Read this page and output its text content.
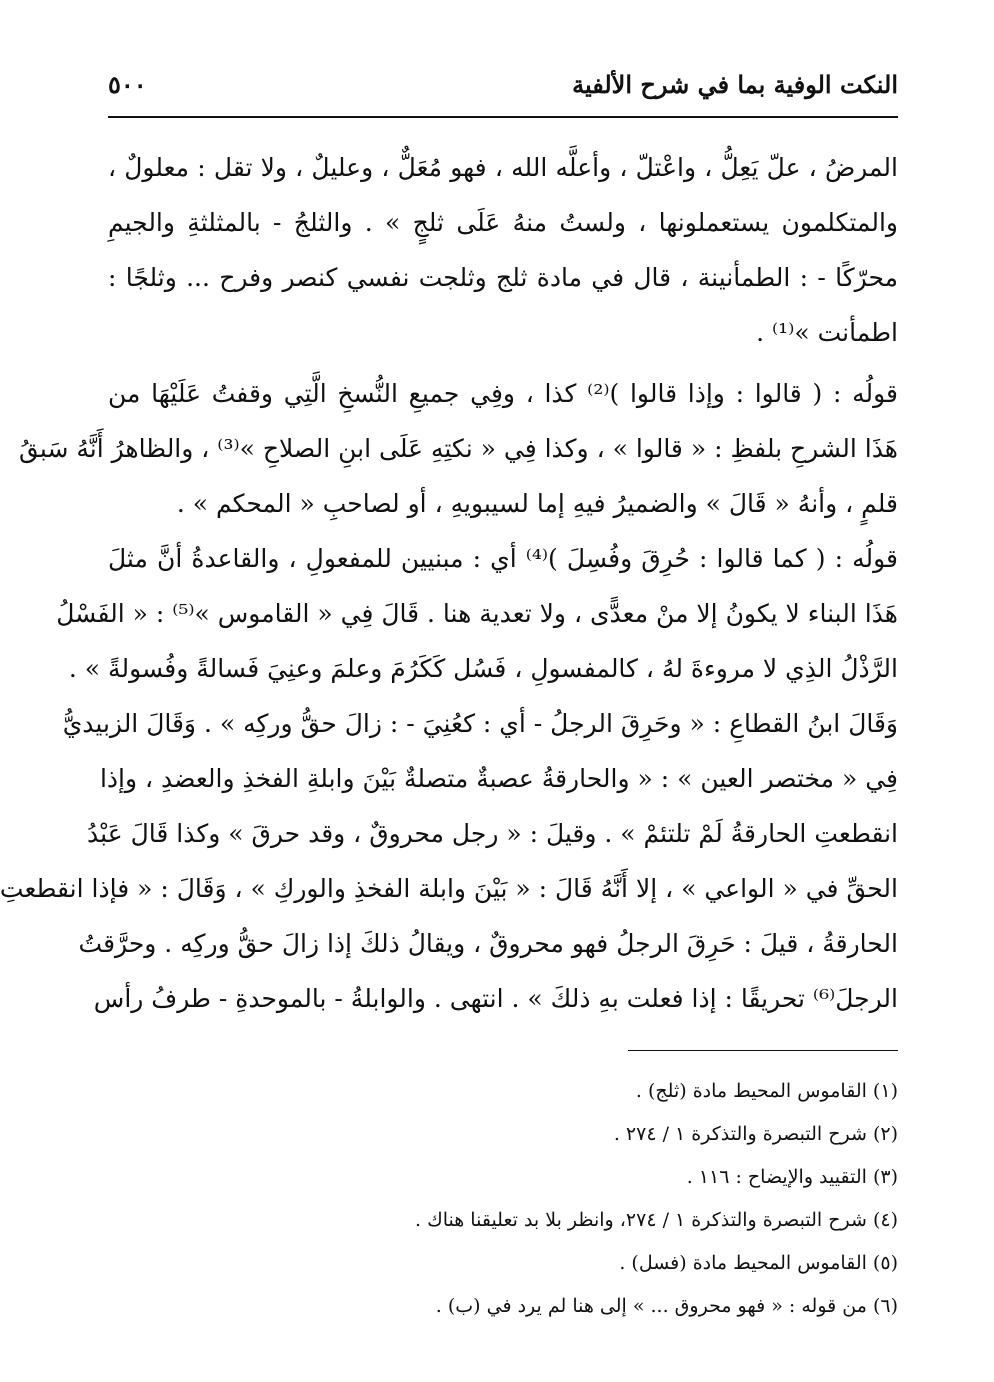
النكت الوفية بما في شرح الألفية
٥٠٠
المرضُ ، علّ يَعِلُّ ، واعْتلّ ، وأعلَّه الله ، فهو مُعَلٌّ ، وعليلٌ ، ولا تقل : معلولٌ ،
والمتكلمون يستعملونها ، ولستُ منهُ عَلَى ثلجٍ » . والثلجُ - بالمثلثةِ والجيمِ
محرّكًا - : الطمأنينة ، قال في مادة ثلج وثلجت نفسي كنصر وفرح ... وثلجًا :
اطمأنت »⁽¹⁾ .
قولُه : ( قالوا : وإذا قالوا )⁽²⁾ كذا ، وفِي جميعِ النُّسخِ الَّتِي وقفتُ عَلَيْهَا من
هَذَا الشرحِ بلفظِ : « قالوا » ، وكذا فِي « نكتِهِ عَلَى ابنِ الصلاحِ »⁽³⁾ ، والظاهرُ أَنَّهُ سَبقُ
قلمٍ ، وأنهُ « قَالَ » والضميرُ فيهِ إما لسيبويهِ ، أو لصاحبِ « المحكم » .
قولُه : ( كما قالوا : حُرِقَ وفُسِلَ )⁽⁴⁾ أي : مبنيين للمفعولِ ، والقاعدةُ أنَّ مثلَ
هَذَا البناء لا يكونُ إلا منْ معدًّى ، ولا تعدية هنا . قَالَ فِي « القاموس »⁽⁵⁾ : « الفَسْلُ
الرَّذْلُ الذِي لا مروءةَ لهُ ، كالمفسولِ ، فَسُل كَكَرُمَ وعلمَ وعنِيَ فَسالةً وفُسولةً » .
وَقَالَ ابنُ القطاعِ : « وحَرِقَ الرجلُ - أي : كعُنِيَ - : زالَ حقُّ وركِه » . وَقَالَ الزبيديُّ
فِي « مختصر العين » : « والحارقةُ عصبةٌ متصلةٌ بَيْنَ وابلةِ الفخذِ والعضدِ ، وإذا
انقطعتِ الحارقةُ لَمْ تلتئمْ » . وقيلَ : « رجل محروقٌ ، وقد حرقَ » وكذا قَالَ عَبْدُ
الحقِّ في « الواعي » ، إلا أَنَّهُ قَالَ : « بَيْنَ وابلة الفخذِ والوركِ » ، وَقَالَ : « فإذا انقطعتِ
الحارقةُ ، قيلَ : حَرِقَ الرجلُ فهو محروقٌ ، ويقالُ ذلكَ إذا زالَ حقُّ وركِه . وحرَّقتُ
الرجلَ⁽⁶⁾ تحريقًا : إذا فعلت بهِ ذلكَ » . انتهى . والوابلةُ - بالموحدةِ - طرفُ رأس
(١) القاموس المحيط مادة (ثلج) .
(٢) شرح التبصرة والتذكرة ١ / ٢٧٤ .
(٣) التقييد والإيضاح : ١١٦ .
(٤) شرح التبصرة والتذكرة ١ / ٢٧٤، وانظر بلا بد تعليقنا هناك .
(٥) القاموس المحيط مادة (فسل) .
(٦) من قوله : « فهو محروق ... » إلى هنا لم يرد في (ب) .
